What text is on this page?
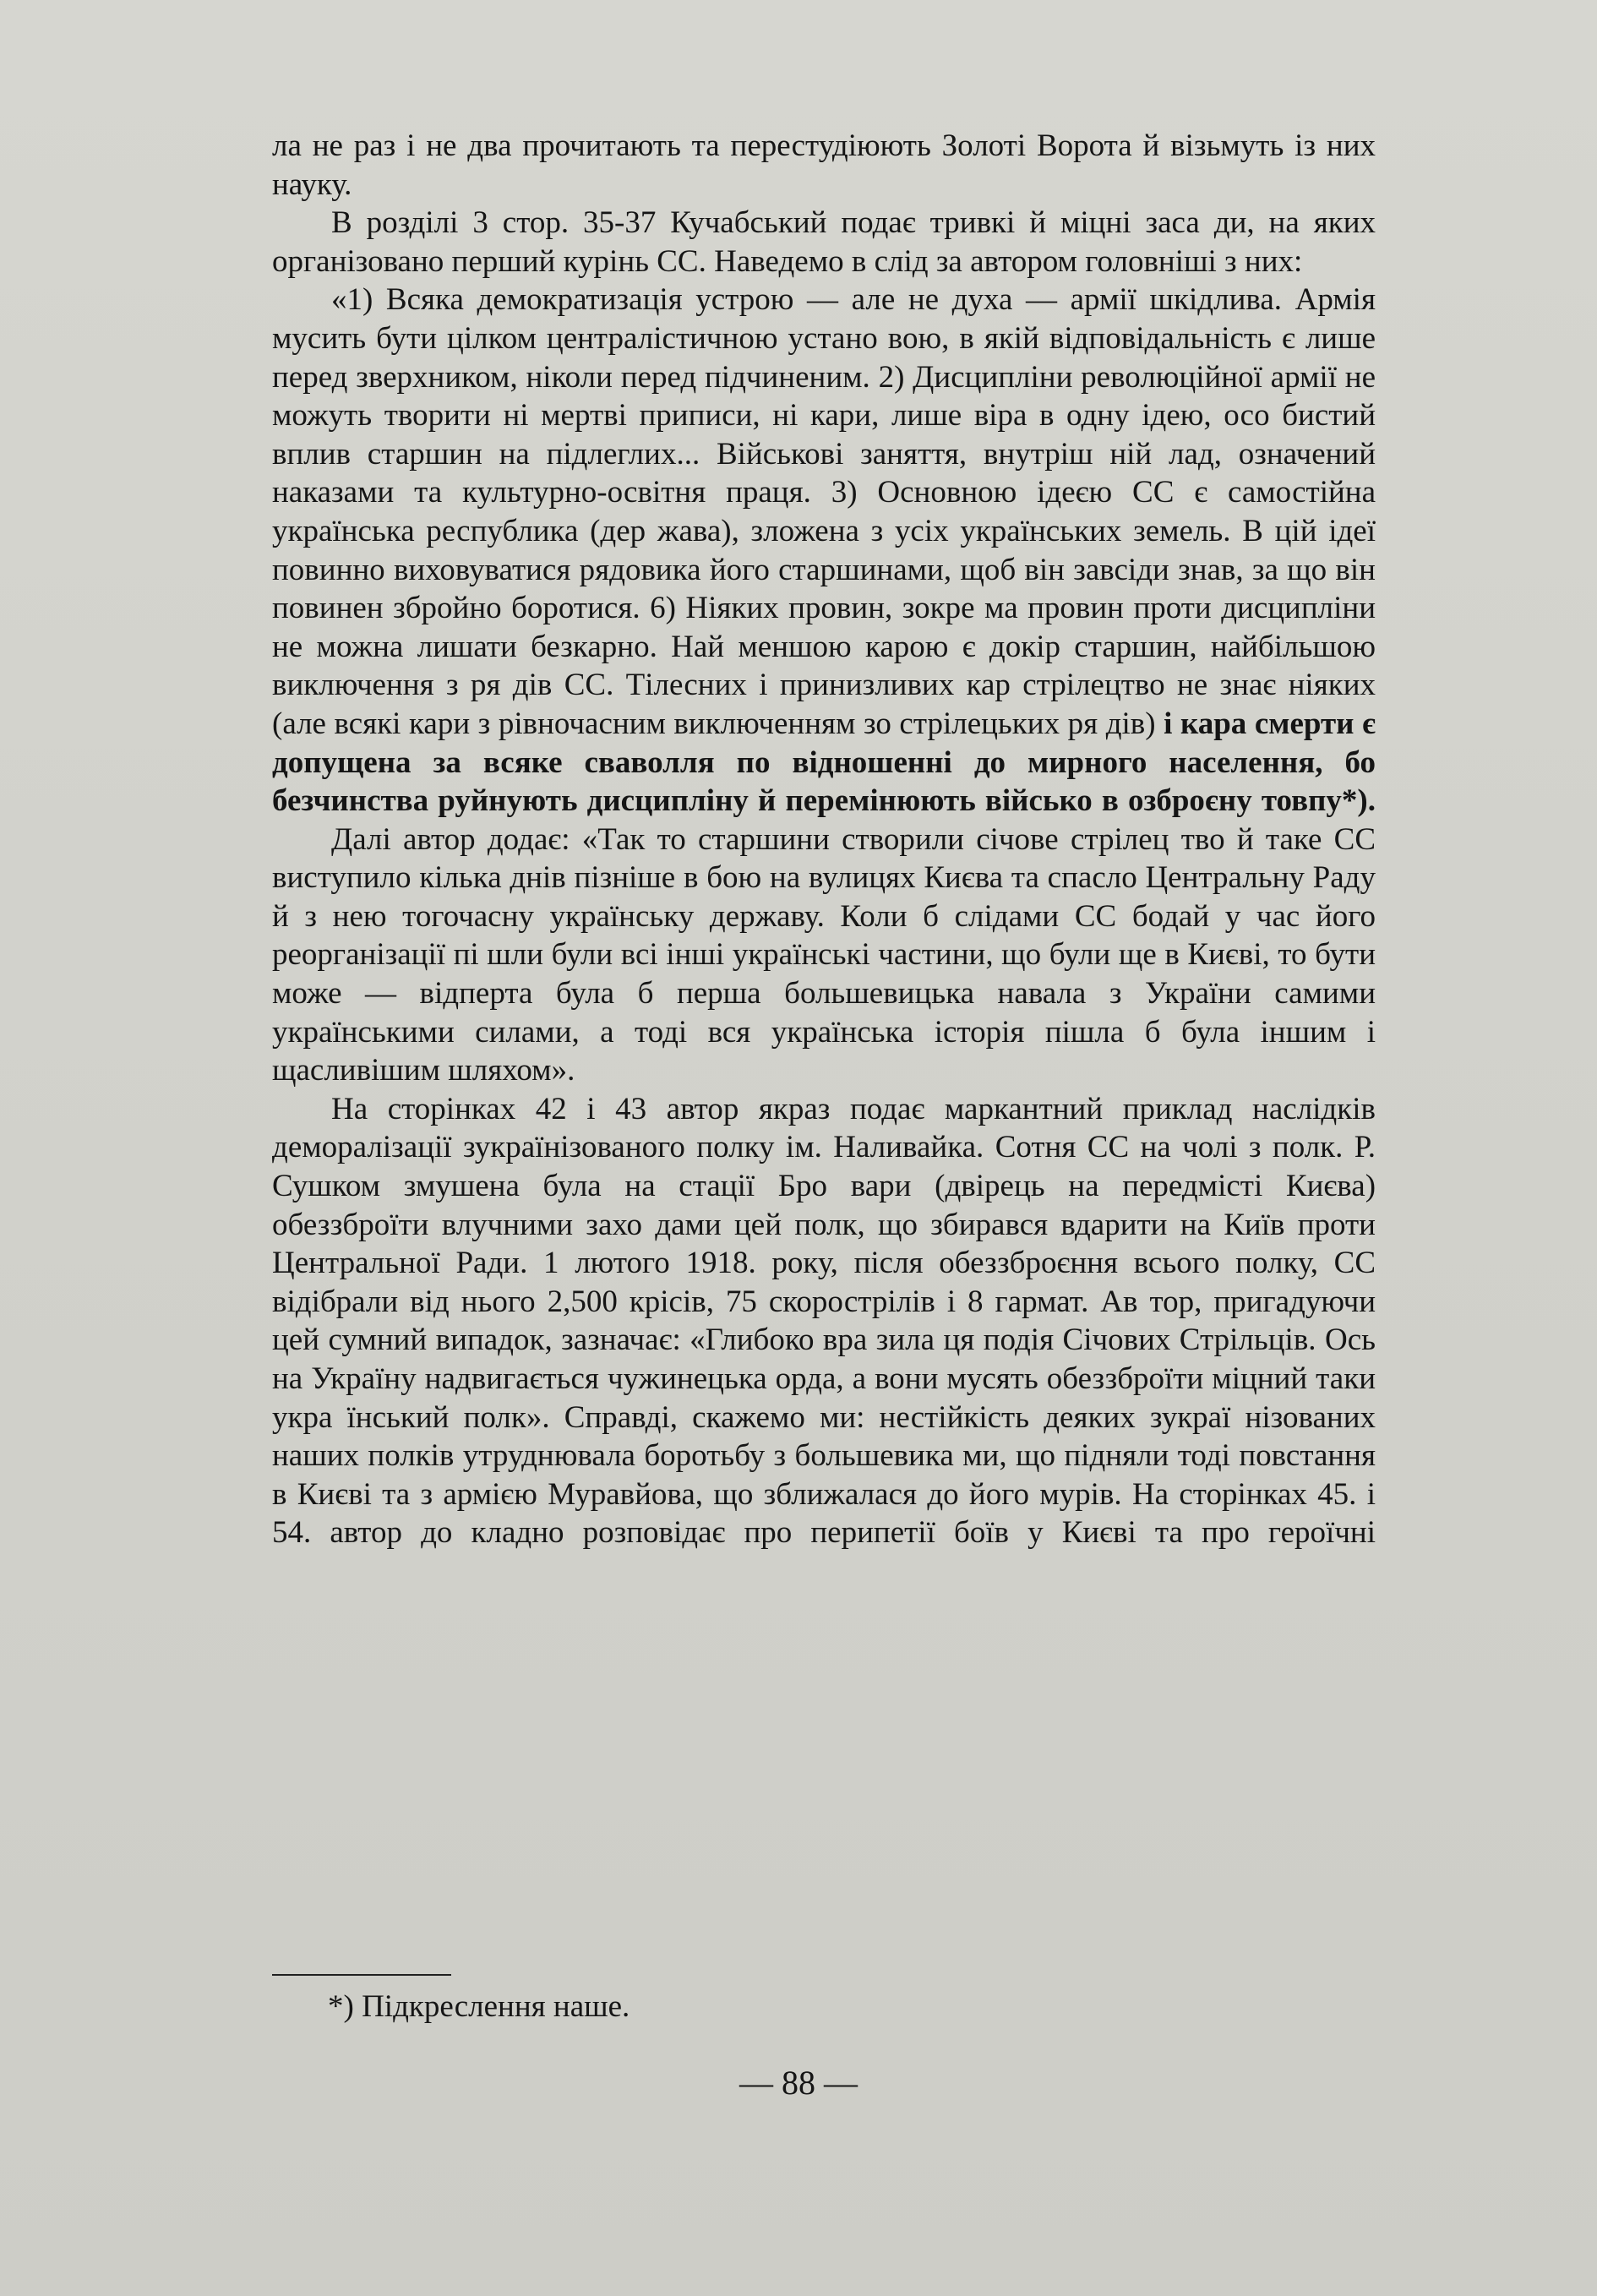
ла не раз і не два прочитають та перестудіюють Золоті Ворота й візьмуть із них науку.

В розділі 3 стор. 35-37 Кучабський подає тривкі й міцні заса ди, на яких організовано перший курінь СС. Наведемо в слід за автором головніші з них:

«1) Всяка демократизація устрою — але не духа — армії шкідлива. Армія мусить бути цілком централістичною устано вою, в якій відповідальність є лише перед зверхником, ніколи перед підчиненим. 2) Дисципліни революційної армії не можуть творити ні мертві приписи, ні кари, лише віра в одну ідею, осо бистий вплив старшин на підлеглих... Військові заняття, внутріш ній лад, означений наказами та культурно-освітня праця. 3) Основною ідеєю СС є самостійна українська республика (дер жава), зложена з усіх українських земель. В цій ідеї повинно виховуватися рядовика його старшинами, щоб він завсіди знав, за що він повинен збройно боротися. 6) Ніяких провин, зокре ма провин проти дисципліни не можна лишати безкарно. Най меншою карою є докір старшин, найбільшою виключення з ря дів СС. Тілесних і принизливих кар стрілецтво не знає ніяких (але всякі кари з рівночасним виключенням зо стрілецьких ря дів) і кара смерти є допущена за всяке сваволля по відношенні до мирного населення, бо безчинства руйнують дисципліну й перемінюють військо в озброєну товпу*).

Далі автор додає: «Так то старшини створили січове стрілец тво й таке СС виступило кілька днів пізніше в бою на вулицях Києва та спасло Центральну Раду й з нею тогочасну українську державу. Коли б слідами СС бодай у час його реорганізації пі шли були всі інші українські частини, що були ще в Києві, то бути може — відперта була б перша большевицька навала з України самими українськими силами, а тоді вся українська історія пішла б була іншим і щасливішим шляхом».

На сторінках 42 і 43 автор якраз подає маркантний приклад наслідків деморалізації зукраїнізованого полку ім. Наливайка. Сотня СС на чолі з полк. Р. Сушком змушена була на стації Бро вари (двірець на передмісті Києва) обеззброїти влучними захо дами цей полк, що збирався вдарити на Київ проти Центральної Ради. 1 лютого 1918. року, після обеззброєння всього полку, СС відібрали від нього 2,500 крісів, 75 скорострілів і 8 гармат. Ав тор, пригадуючи цей сумний випадок, зазначає: «Глибоко вра зила ця подія Січових Стрільців. Ось на Україну надвигається чужинецька орда, а вони мусять обеззброїти міцний таки укра їнський полк». Справді, скажемо ми: нестійкість деяких зукраї нізованих наших полків утруднювала боротьбу з большевика ми, що підняли тоді повстання в Києві та з армією Муравйова, що зближалася до його мурів. На сторінках 45. і 54. автор до кладно розповідає про перипетії боїв у Києві та про героїчні

*) Підкреслення наше.
— 88 —
